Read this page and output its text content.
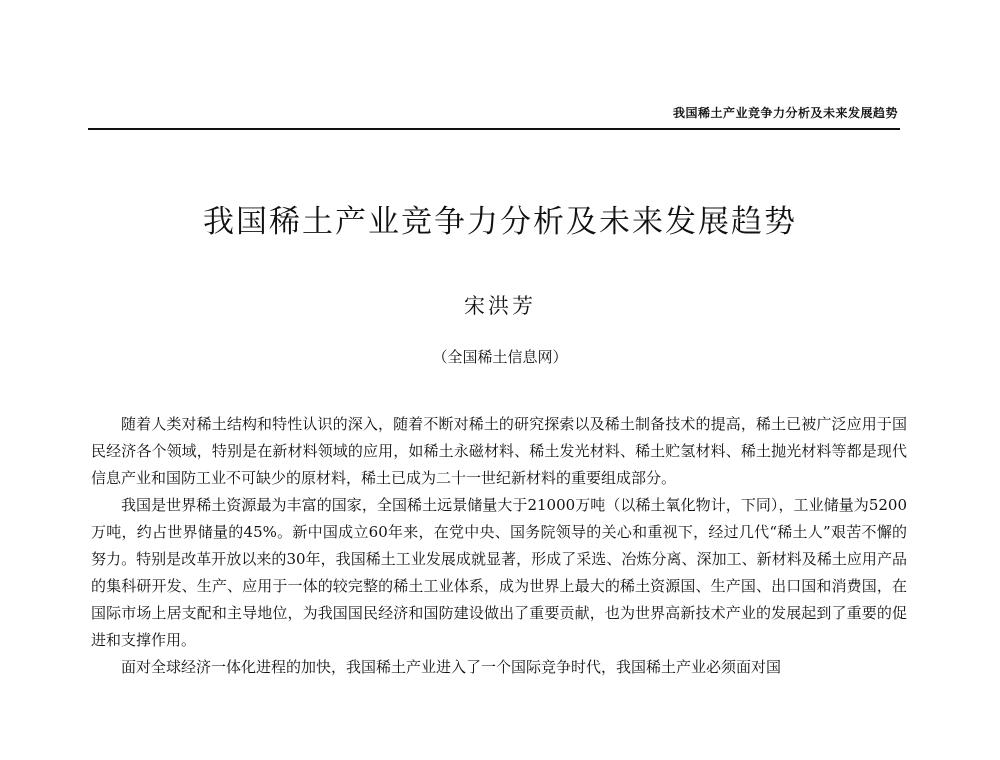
我国稀土产业竞争力分析及未来发展趋势
我国稀土产业竞争力分析及未来发展趋势
宋洪芳
（全国稀土信息网）

随着人类对稀土结构和特性认识的深入，随着不断对稀土的研究探索以及稀土制备技术的提高，稀土已被广泛应用于国民经济各个领域，特别是在新材料领域的应用，如稀土永磁材料、稀土发光材料、稀土贮氢材料、稀土抛光材料等都是现代信息产业和国防工业不可缺少的原材料，稀土已成为二十一世纪新材料的重要组成部分。

我国是世界稀土资源最为丰富的国家，全国稀土远景储量大于21000万吨（以稀土氧化物计，下同），工业储量为5200万吨，约占世界储量的45%。新中国成立60年来，在党中央、国务院领导的关心和重视下，经过几代“稀土人”艰苦不懈的努力。特别是改革开放以来的30年，我国稀土工业发展成就显著，形成了采选、冶炼分离、深加工、新材料及稀土应用产品的集科研开发、生产、应用于一体的较完整的稀土工业体系，成为世界上最大的稀土资源国、生产国、出口国和消费国，在国际市场上居支配和主导地位，为我国国民经济和国防建设做出了重要贡献，也为世界高新技术产业的发展起到了重要的促进和支撑作用。

面对全球经济一体化进程的加快，我国稀土产业进入了一个国际竞争时代，我国稀土产业必须面对国
